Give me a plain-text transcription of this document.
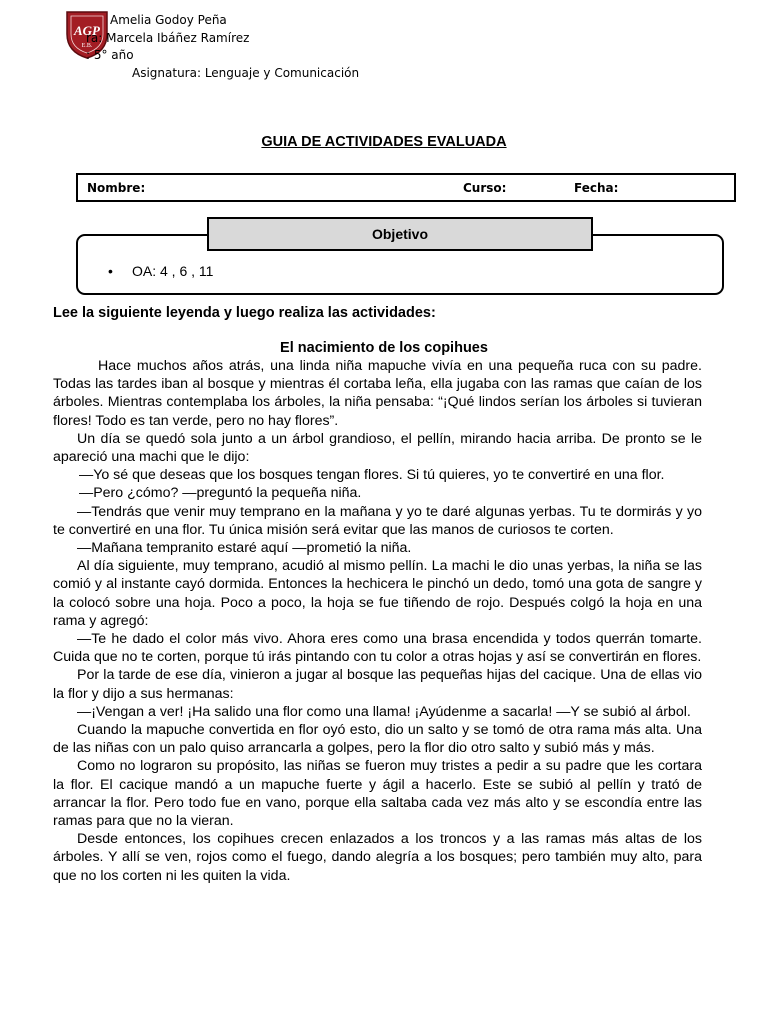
AGP
E.B.
Amelia Godoy Peña
ra: Marcela Ibáñez Ramírez
: 5° año
Asignatura: Lenguaje y Comunicación
GUIA DE ACTIVIDADES EVALUADA
Nombre:	Curso:	Fecha:
Objetivo
• OA: 4 , 6 , 11
Lee la siguiente leyenda y luego realiza las actividades:
El nacimiento de los copihues

Hace muchos años atrás, una linda niña mapuche vivía en una pequeña ruca con su padre. Todas las tardes iban al bosque y mientras él cortaba leña, ella jugaba con las ramas que caían de los árboles. Mientras contemplaba los árboles, la niña pensaba: “¡Qué lindos serían los árboles si tuvieran flores! Todo es tan verde, pero no hay flores”.

Un día se quedó sola junto a un árbol grandioso, el pellín, mirando hacia arriba. De pronto se le apareció una machi que le dijo:

—Yo sé que deseas que los bosques tengan flores. Si tú quieres, yo te convertiré en una flor.

—Pero ¿cómo? —preguntó la pequeña niña.

—Tendrás que venir muy temprano en la mañana y yo te daré algunas yerbas. Tu te dormirás y yo te convertiré en una flor. Tu única misión será evitar que las manos de curiosos te corten.

—Mañana tempranito estaré aquí —prometió la niña.

Al día siguiente, muy temprano, acudió al mismo pellín. La machi le dio unas yerbas, la niña se las comió y al instante cayó dormida. Entonces la hechicera le pinchó un dedo, tomó una gota de sangre y la colocó sobre una hoja. Poco a poco, la hoja se fue tiñendo de rojo. Después colgó la hoja en una rama y agregó:

—Te he dado el color más vivo. Ahora eres como una brasa encendida y todos querrán tomarte. Cuida que no te corten, porque tú irás pintando con tu color a otras hojas y así se convertirán en flores.

Por la tarde de ese día, vinieron a jugar al bosque las pequeñas hijas del cacique. Una de ellas vio la flor y dijo a sus hermanas:

—¡Vengan a ver! ¡Ha salido una flor como una llama! ¡Ayúdenme a sacarla! —Y se subió al árbol.

Cuando la mapuche convertida en flor oyó esto, dio un salto y se tomó de otra rama más alta. Una de las niñas con un palo quiso arrancarla a golpes, pero la flor dio otro salto y subió más y más.

Como no lograron su propósito, las niñas se fueron muy tristes a pedir a su padre que les cortara la flor. El cacique mandó a un mapuche fuerte y ágil a hacerlo. Este se subió al pellín y trató de arrancar la flor. Pero todo fue en vano, porque ella saltaba cada vez más alto y se escondía entre las ramas para que no la vieran.

Desde entonces, los copihues crecen enlazados a los troncos y a las ramas más altas de los árboles. Y allí se ven, rojos como el fuego, dando alegría a los bosques; pero también muy alto, para que no los corten ni les quiten la vida.
